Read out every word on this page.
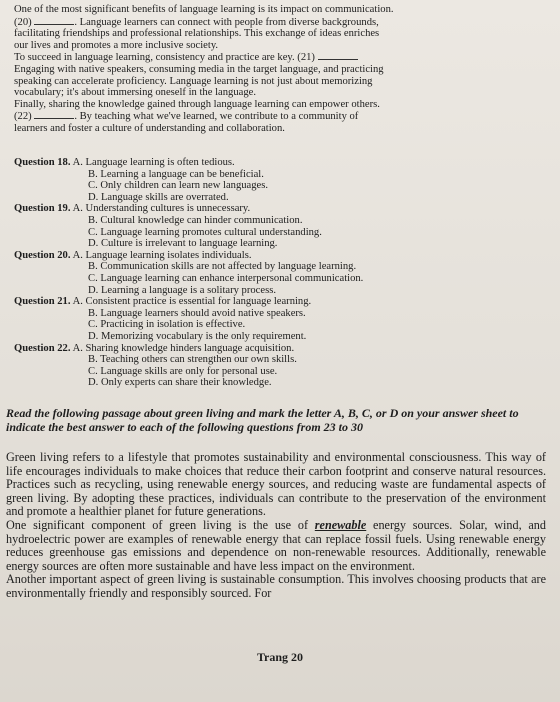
One of the most significant benefits of language learning is its impact on communication.

(20)	. Language learners can connect with people from diverse backgrounds,

facilitating friendships and professional relationships. This exchange of ideas enriches

our lives and promotes a more inclusive society.

To succeed in language learning, consistency and practice are key. (21)

Engaging with native speakers, consuming media in the target language, and practicing

speaking can accelerate proficiency. Language learning is not just about memorizing

vocabulary; it's about immersing oneself in the language.

Finally, sharing the knowledge gained through language learning can empower others.

(22)	. By teaching what we've learned, we contribute to a community of

learners and foster a culture of understanding and collaboration.

Question 18. A. Language learning is often tedious.

B. Learning a language can be beneficial.

C. Only children can learn new languages.

D. Language skills are overrated.

Question 19. A. Understanding cultures is unnecessary.

B. Cultural knowledge can hinder communication.

C. Language learning promotes cultural understanding.

D. Culture is irrelevant to language learning.

Question 20. A. Language learning isolates individuals.

B. Communication skills are not affected by language learning.

C. Language learning can enhance interpersonal communication.

D. Learning a language is a solitary process.

Question 21. A. Consistent practice is essential for language learning.

B. Language learners should avoid native speakers.

C. Practicing in isolation is effective.

D. Memorizing vocabulary is the only requirement.

Question 22. A. Sharing knowledge hinders language acquisition.

B. Teaching others can strengthen our own skills.

C. Language skills are only for personal use.

D. Only experts can share their knowledge.

Read the following passage about green living and mark the letter A, B, C, or D on your answer sheet to indicate the best answer to each of the following questions from 23 to 30

Green living refers to a lifestyle that promotes sustainability and environmental consciousness. This way of life encourages individuals to make choices that reduce their carbon footprint and conserve natural resources. Practices such as recycling, using renewable energy sources, and reducing waste are fundamental aspects of green living. By adopting these practices, individuals can contribute to the preservation of the environment and promote a healthier planet for future generations.

One significant component of green living is the use of renewable energy sources. Solar, wind, and hydroelectric power are examples of renewable energy that can replace fossil fuels. Using renewable energy reduces greenhouse gas emissions and dependence on non-renewable resources. Additionally, renewable energy sources are often more sustainable and have less impact on the environment.

Another important aspect of green living is sustainable consumption. This involves choosing products that are environmentally friendly and responsibly sourced. For

Trang 20
